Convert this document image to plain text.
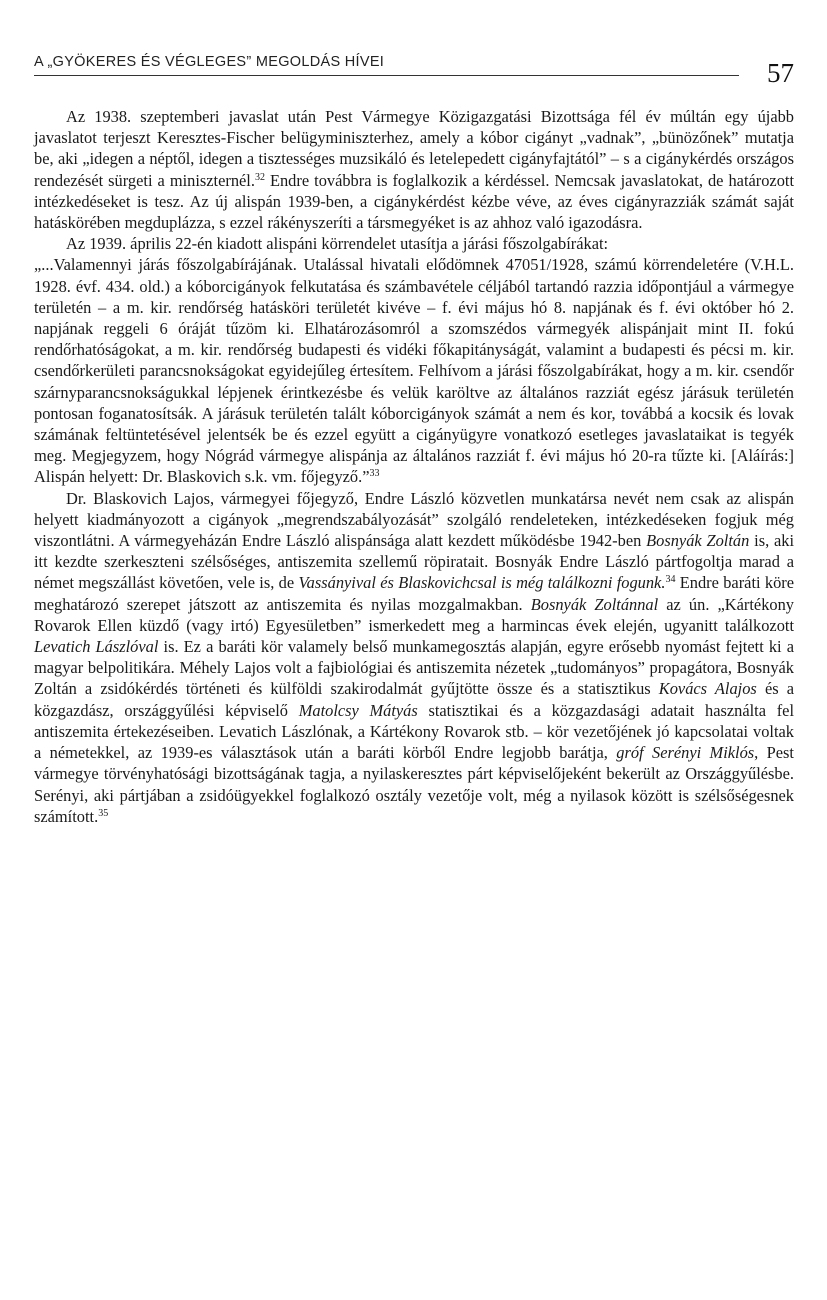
A „GYÖKERES ÉS VÉGLEGES” MEGOLDÁS HÍVEI	57

Az 1938. szeptemberi javaslat után Pest Vármegye Közigazgatási Bizottsága fél év múltán egy újabb javaslatot terjeszt Keresztes-Fischer belügyminiszterhez, amely a kóbor cigányt „vadnak”, „bünözőnek” mutatja be, aki „idegen a néptől, idegen a tisztességes muzsikáló és letelepedett cigányfajtától” – s a cigánykérdés országos rendezését sürgeti a miniszternél.$^{32}$ Endre továbbra is foglalkozik a kérdéssel. Nemcsak javaslatokat, de határozott intézkedéseket is tesz. Az új alispán 1939-ben, a cigánykérdést kézbe véve, az éves cigányrazziák számát saját hatáskörében megduplázza, s ezzel rákényszeríti a társmegyéket is az ahhoz való igazodásra.

Az 1939. április 22-én kiadott alispáni körrendelet utasítja a járási főszolgabírákat:

„...Valamennyi járás főszolgabírájának. Utalással hivatali elődömnek 47051/1928, számú körrendeletére (V.H.L. 1928. évf. 434. old.) a kóborcigányok felkutatása és számbavétele céljából tartandó razzia időpontjául a vármegye területén – a m. kir. rendőrség hatásköri területét kivéve – f. évi május hó 8. napjának és f. évi október hó 2. napjának reggeli 6 óráját tűzöm ki. Elhatározásomról a szomszédos vármegyék alispánjait mint II. fokú rendőrhatóságokat, a m. kir. rendőrség budapesti és vidéki főkapitányságát, valamint a budapesti és pécsi m. kir. csendőrkerületi parancsnokságokat egyidejűleg értesítem. Felhívom a járási főszolgabírákat, hogy a m. kir. csendőr szárnyparancsnokságukkal lépjenek érintkezésbe és velük karöltve az általános razziát egész járásuk területén pontosan foganatosítsák. A járásuk területén talált kóborcigányok számát a nem és kor, továbbá a kocsik és lovak számának feltüntetésével jelentsék be és ezzel együtt a cigányügyre vonatkozó esetleges javaslataikat is tegyék meg. Megjegyzem, hogy Nógrád vármegye alispánja az általános razziát f. évi május hó 20-ra tűzte ki. [Aláírás:] Alispán helyett: Dr. Blaskovich s.k. vm. főjegyző.”$^{33}$

Dr. Blaskovich Lajos, vármegyei főjegyző, Endre László közvetlen munkatársa nevét nem csak az alispán helyett kiadmányozott a cigányok „megrendszabályozását” szolgáló rendeleteken, intézkedéseken fogjuk még viszontlátni. A vármegyeházán Endre László alispánsága alatt kezdett működésbe 1942-ben Bosnyák Zoltán is, aki itt kezdte szerkeszteni szélsőséges, antiszemita szellemű röpiratait. Bosnyák Endre László pártfogoltja marad a német megszállást követően, vele is, de Vassányival és Blaskovichcsal is még találkozni fogunk.$^{34}$ Endre baráti köre meghatározó szerepet játszott az antiszemita és nyilas mozgalmakban. Bosnyák Zoltánnal az ún. „Kártékony Rovarok Ellen küzdő (vagy irtó) Egyesületben” ismerkedett meg a harmincas évek elején, ugyanitt találkozott Levatich Lászlóval is. Ez a baráti kör valamely belső munkamegosztás alapján, egyre erősebb nyomást fejtett ki a magyar belpolitikára. Méhely Lajos volt a fajbiológiai és antiszemita nézetek „tudományos” propagátora, Bosnyák Zoltán a zsidókérdés történeti és külföldi szakirodalmát gyűjtötte össze és a statisztikus Kovács Alajos és a közgazdász, országgyűlési képviselő Matolcsy Mátyás statisztikai és a közgazdasági adatait használta fel antiszemita értekezéseiben. Levatich Lászlónak, a Kártékony Rovarok stb. – kör vezetőjének jó kapcsolatai voltak a németekkel, az 1939-es választások után a baráti körből Endre legjobb barátja, gróf Serényi Miklós, Pest vármegye törvényhatósági bizottságának tagja, a nyilaskeresztes párt képviselőjeként bekerült az Országgyűlésbe. Serényi, aki pártjában a zsidóügyekkel foglalkozó osztály vezetője volt, még a nyilasok között is szélsőségesnek számított.$^{35}$
